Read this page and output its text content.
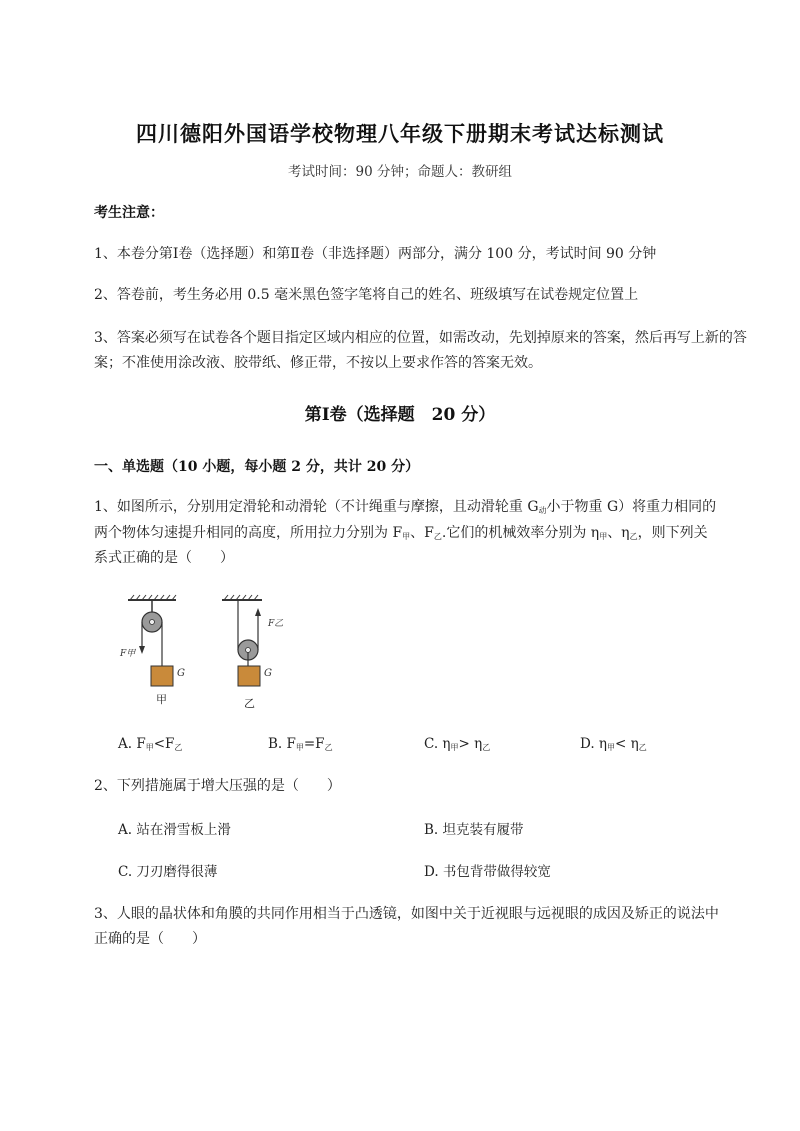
四川德阳外国语学校物理八年级下册期末考试达标测试
考试时间：90 分钟；命题人：教研组
考生注意：
1、本卷分第Ⅰ卷（选择题）和第Ⅱ卷（非选择题）两部分，满分 100 分，考试时间 90 分钟
2、答卷前，考生务必用 0.5 毫米黑色签字笔将自己的姓名、班级填写在试卷规定位置上
3、答案必须写在试卷各个题目指定区域内相应的位置，如需改动，先划掉原来的答案，然后再写上新的答案；不准使用涂改液、胶带纸、修正带，不按以上要求作答的答案无效。
第Ⅰ卷（选择题　20 分）
一、单选题（10 小题，每小题 2 分，共计 20 分）
1、如图所示，分别用定滑轮和动滑轮（不计绳重与摩擦，且动滑轮重 $G_动$小于物重 G）将重力相同的
两个物体匀速提升相同的高度，所用拉力分别为 $F_甲$、$F_乙$.它们的机械效率分别为 $\eta_甲$、$\eta_乙$，则下列关
系式正确的是（　　）
F甲
G
甲
F乙
G
乙
A. $F_甲<F_乙$	B. $F_甲=F_乙$	C. $\eta_甲> \eta_乙$	D. $\eta_甲< \eta_乙$
2、下列措施属于增大压强的是（　　）
A. 站在滑雪板上滑	B. 坦克装有履带
C. 刀刃磨得很薄	D. 书包背带做得较宽
3、人眼的晶状体和角膜的共同作用相当于凸透镜，如图中关于近视眼与远视眼的成因及矫正的说法中
正确的是（　　）
